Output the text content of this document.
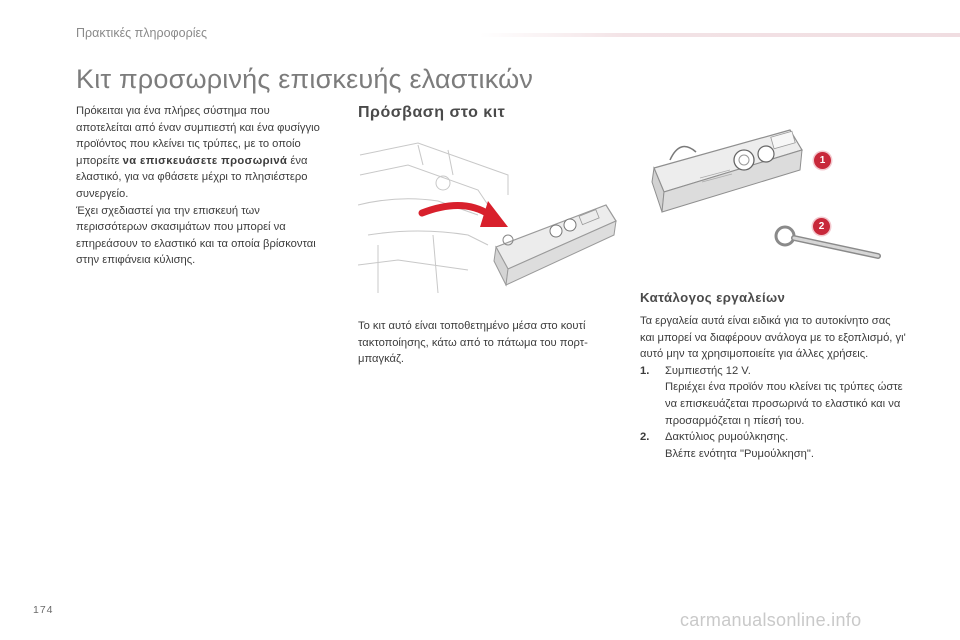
Πρακτικές πληροφορίες
Κιτ προσωρινής επισκευής ελαστικών
Πρόκειται για ένα πλήρες σύστημα που αποτελείται από έναν συμπιεστή και ένα φυσίγγιο προϊόντος που κλείνει τις τρύπες, με το οποίο μπορείτε να επισκευάσετε προσωρινά ένα ελαστικό, για να φθάσετε μέχρι το πλησιέστερο συνεργείο.
Έχει σχεδιαστεί για την επισκευή των περισσότερων σκασιμάτων που μπορεί να επηρεάσουν το ελαστικό και τα οποία βρίσκονται στην επιφάνεια κύλισης.
Πρόσβαση στο κιτ
Το κιτ αυτό είναι τοποθετημένο μέσα στο κουτί τακτοποίησης, κάτω από το πάτωμα του πορτ-μπαγκάζ.
1
2
Κατάλογος εργαλείων
Τα εργαλεία αυτά είναι ειδικά για το αυτοκίνητο σας και μπορεί να διαφέρουν ανάλογα με το εξοπλισμό, γι' αυτό μην τα χρησιμοποιείτε για άλλες χρήσεις.
1. Συμπιεστής 12 V.
Περιέχει ένα προϊόν που κλείνει τις τρύπες ώστε να επισκευάζεται προσωρινά το ελαστικό και να προσαρμόζεται η πίεσή του.
2. Δακτύλιος ρυμούλκησης.
Βλέπε ενότητα "Ρυμούλκηση".
174	carmanualsonline.info
